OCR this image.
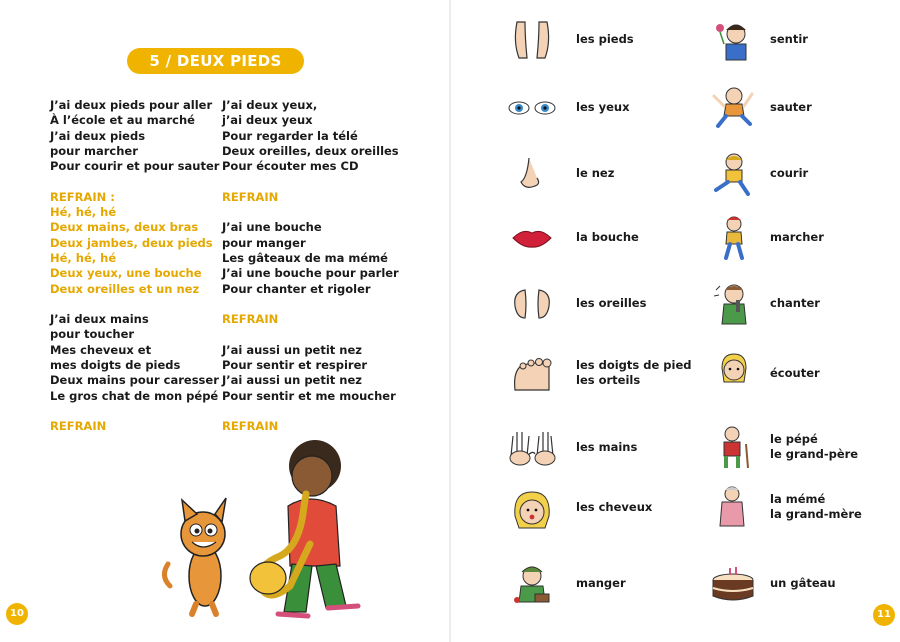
5 / DEUX PIEDS
J’ai deux pieds pour aller
À l’école et au marché
J’ai deux pieds
pour marcher
Pour courir et pour sauter
REFRAIN :
Hé, hé, hé
Deux mains, deux bras
Deux jambes, deux pieds
Hé, hé, hé
Deux yeux, une bouche
Deux oreilles et un nez
J’ai deux mains
pour toucher
Mes cheveux et
mes doigts de pieds
Deux mains pour caresser
Le gros chat de mon pépé
REFRAIN
J’ai deux yeux,
j’ai deux yeux
Pour regarder la télé
Deux oreilles, deux oreilles
Pour écouter mes CD
REFRAIN
J’ai une bouche
pour manger
Les gâteaux de ma mémé
J’ai une bouche pour parler
Pour chanter et rigoler
REFRAIN
J’ai aussi un petit nez
Pour sentir et respirer
J’ai aussi un petit nez
Pour sentir et me moucher
REFRAIN
10	11
les pieds
les yeux
le nez
la bouche
les oreilles
les doigts de pied
les orteils
les mains
les cheveux
manger
sentir
sauter
courir
marcher
chanter
écouter
le pépé
le grand-père
la mémé
la grand-mère
un gâteau
